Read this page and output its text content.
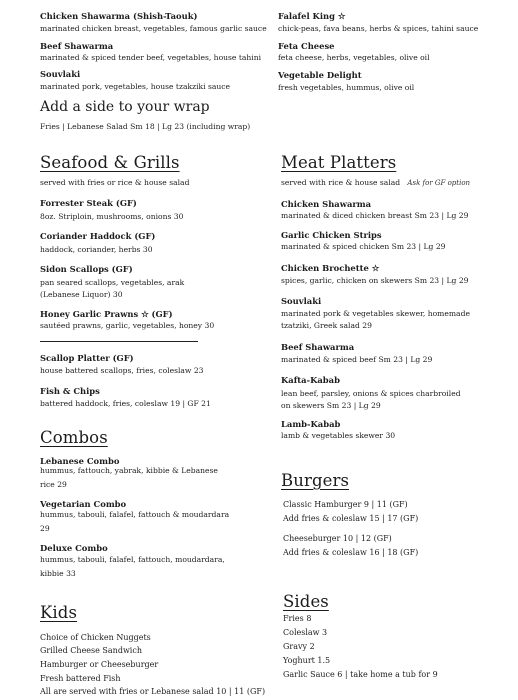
Chicken Shawarma (Shish-Taouk)
marinated chicken breast, vegetables, famous garlic sauce
Beef Shawarma
marinated & spiced tender beef, vegetables, house tahini
Souvlaki
marinated pork, vegetables, house tzakziki sauce
Falafel King ☆
chick-peas, fava beans, herbs & spices, tahini sauce
Feta Cheese
feta cheese, herbs, vegetables, olive oil
Vegetable Delight
fresh vegetables, hummus, olive oil
Add a side to your wrap
Fries | Lebanese Salad Sm 18 | Lg 23 (including wrap)
Seafood & Grills
served with fries or rice & house salad
Forrester Steak (GF)
8oz. Striploin, mushrooms, onions 30
Coriander Haddock (GF)
haddock, coriander, herbs 30
Sidon Scallops (GF)
pan seared scallops, vegetables, arak (Lebanese Liquor) 30
Honey Garlic Prawns ☆ (GF)
sautéed prawns, garlic, vegetables, honey 30
Scallop Platter (GF)
house battered scallops, fries, coleslaw 23
Fish & Chips
battered haddock, fries, coleslaw 19 | GF 21
Meat Platters
served with rice & house salad Ask for GF option
Chicken Shawarma
marinated & diced chicken breast Sm 23 | Lg 29
Garlic Chicken Strips
marinated & spiced chicken Sm 23 | Lg 29
Chicken Brochette ☆
spices, garlic, chicken on skewers Sm 23 | Lg 29
Souvlaki
marinated pork & vegetables skewer, homemade tzatziki, Greek salad 29
Beef Shawarma
marinated & spiced beef Sm 23 | Lg 29
Kafta-Kabab
lean beef, parsley, onions & spices charbroiled on skewers Sm 23 | Lg 29
Lamb-Kabab
lamb & vegetables skewer 30
Combos
Lebanese Combo
hummus, fattouch, yabrak, kibbie & Lebanese
rice 29
Vegetarian Combo
hummus, tabouli, falafel, fattouch & moudardara
29
Deluxe Combo
hummus, tabouli, falafel, fattouch, moudardara,
kibbie 33
Burgers
Classic Hamburger 9 | 11 (GF)
Add fries & coleslaw 15 | 17 (GF)
Cheeseburger 10 | 12 (GF)
Add fries & coleslaw 16 | 18 (GF)
Kids
Choice of Chicken Nuggets
Grilled Cheese Sandwich
Hamburger or Cheeseburger
Fresh battered Fish
All are served with fries or Lebanese salad 10 | 11 (GF)
Sides
Fries 8
Coleslaw 3
Gravy 2
Yoghurt 1.5
Garlic Sauce 6 | take home a tub for 9
